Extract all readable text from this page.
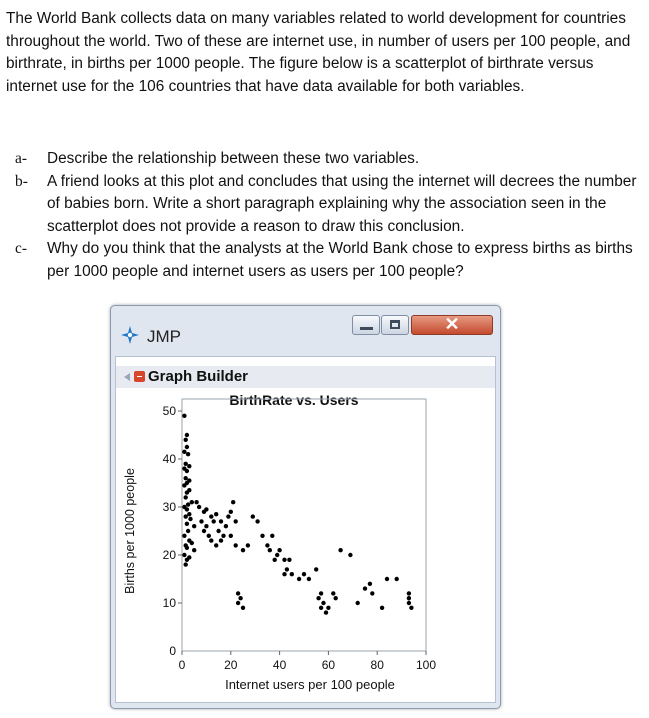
The World Bank collects data on many variables related to world development for countries throughout the world. Two of these are internet use, in number of users per 100 people, and birthrate, in births per 1000 people. The figure below is a scatterplot of birthrate versus internet use for the 106 countries that have data available for both variables.

a- Describe the relationship between these two variables.
b- A friend looks at this plot and concludes that using the internet will decrees the number of babies born. Write a short paragraph explaining why the association seen in the scatterplot does not provide a reason to draw this conclusion.
c- Why do you think that the analysts at the World Bank chose to express births as births per 1000 people and internet users as users per 100 people?
JMP
✕
Graph Builder
BirthRate vs. Users
Births per 1000 people
Internet users per 100 people
0	20	40	60	80	100
0
10
20
30
40
50
